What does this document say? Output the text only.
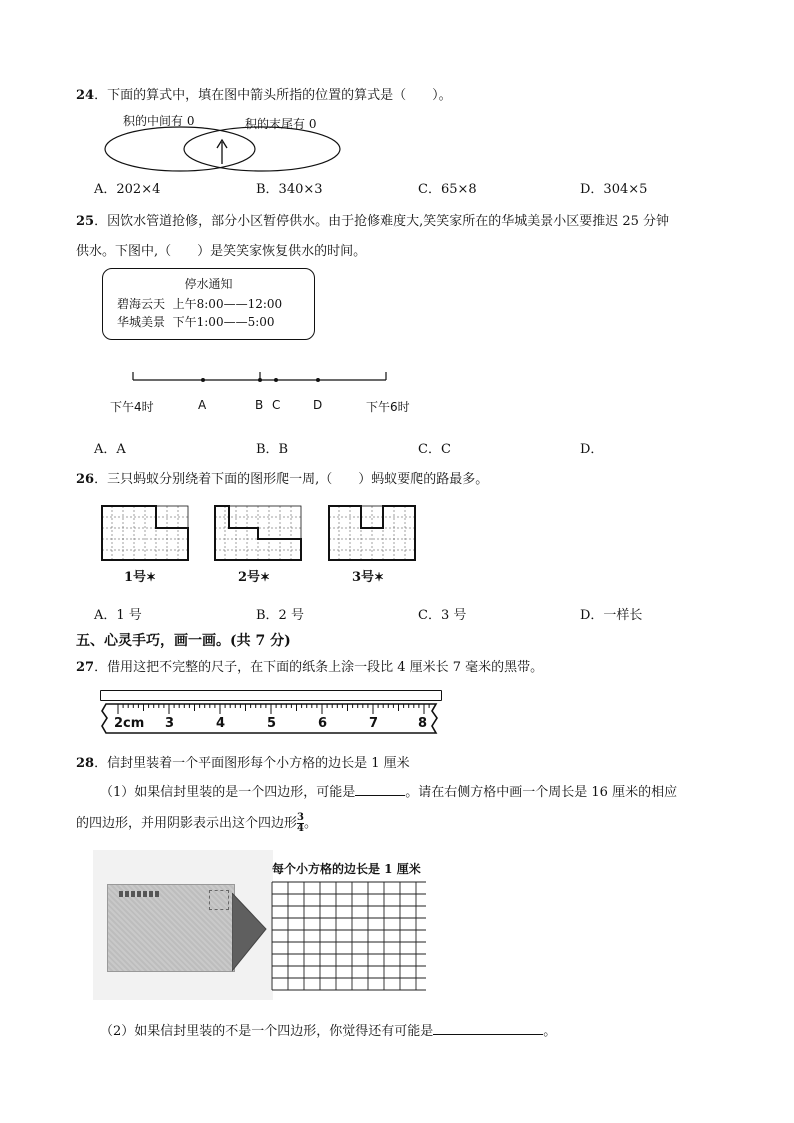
24．下面的算式中，填在图中箭头所指的位置的算式是（　　）。
积的中间有 0	积的末尾有 0
A．202×4	B．340×3	C．65×8	D．304×5
25．因饮水管道抢修，部分小区暂停供水。由于抢修难度大,笑笑家所在的华城美景小区要推迟 25 分钟
供水。下图中,（　　）是笑笑家恢复供水的时间。
停水通知
碧海云天  上午8:00——12:00
华城美景  下午1:00——5:00
下午4时	A	B C	D	下午6时
A．A	B．B	C．C	D．
26．三只蚂蚁分别绕着下面的图形爬一周,（　　）蚂蚁要爬的路最多。
1号✶	2号✶	3号✶
A．1 号	B．2 号	C．3 号	D．一样长
五、心灵手巧，画一画。(共 7 分)
27．借用这把不完整的尺子，在下面的纸条上涂一段比 4 厘米长 7 毫米的黑带。
2cm 3	4	5	6	7	8
28．信封里装着一个平面图形每个小方格的边长是 1 厘米
（1）如果信封里装的是一个四边形，可能是	。请在右侧方格中画一个周长是 16 厘米的相应
的四边形，并用阴影表示出这个四边形 $\frac{3}{4}$ 。
每个小方格的边长是 1 厘米
（2）如果信封里装的不是一个四边形，你觉得还有可能是	。
